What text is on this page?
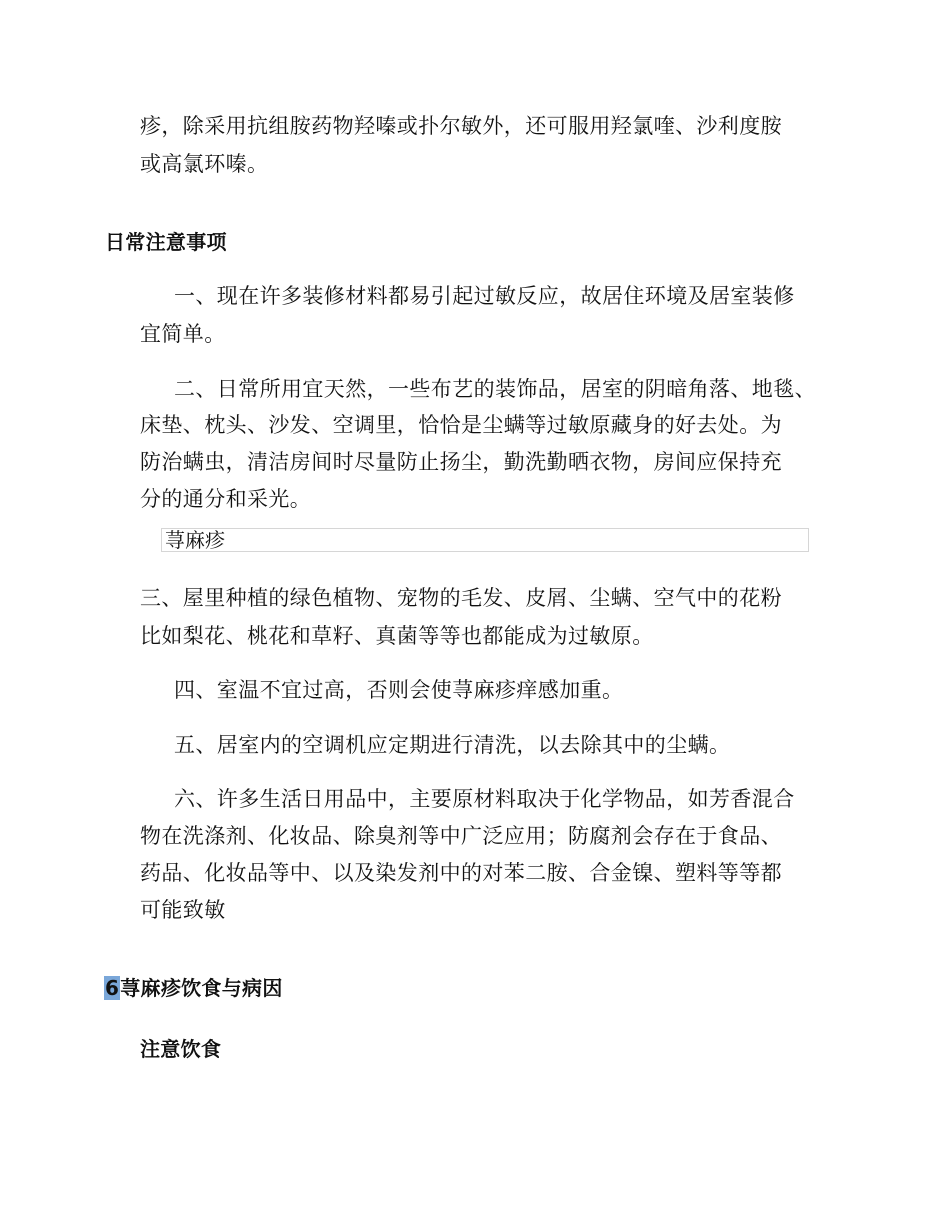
疹，除采用抗组胺药物羟嗪或扑尔敏外，还可服用羟氯喹、沙利度胺
或高氯环嗪。
日常注意事项
一、现在许多装修材料都易引起过敏反应，故居住环境及居室装修
宜简单。
二、日常所用宜天然，一些布艺的装饰品，居室的阴暗角落、地毯、
床垫、枕头、沙发、空调里，恰恰是尘螨等过敏原藏身的好去处。为
防治螨虫，清洁房间时尽量防止扬尘，勤洗勤晒衣物，房间应保持充
分的通分和采光。
荨麻疹
三、屋里种植的绿色植物、宠物的毛发、皮屑、尘螨、空气中的花粉
比如梨花、桃花和草籽、真菌等等也都能成为过敏原。
四、室温不宜过高，否则会使荨麻疹痒感加重。
五、居室内的空调机应定期进行清洗，以去除其中的尘螨。
六、许多生活日用品中，主要原材料取决于化学物品，如芳香混合
物在洗涤剂、化妆品、除臭剂等中广泛应用；防腐剂会存在于食品、
药品、化妆品等中、以及染发剂中的对苯二胺、合金镍、塑料等等都
可能致敏
6荨麻疹饮食与病因
注意饮食
